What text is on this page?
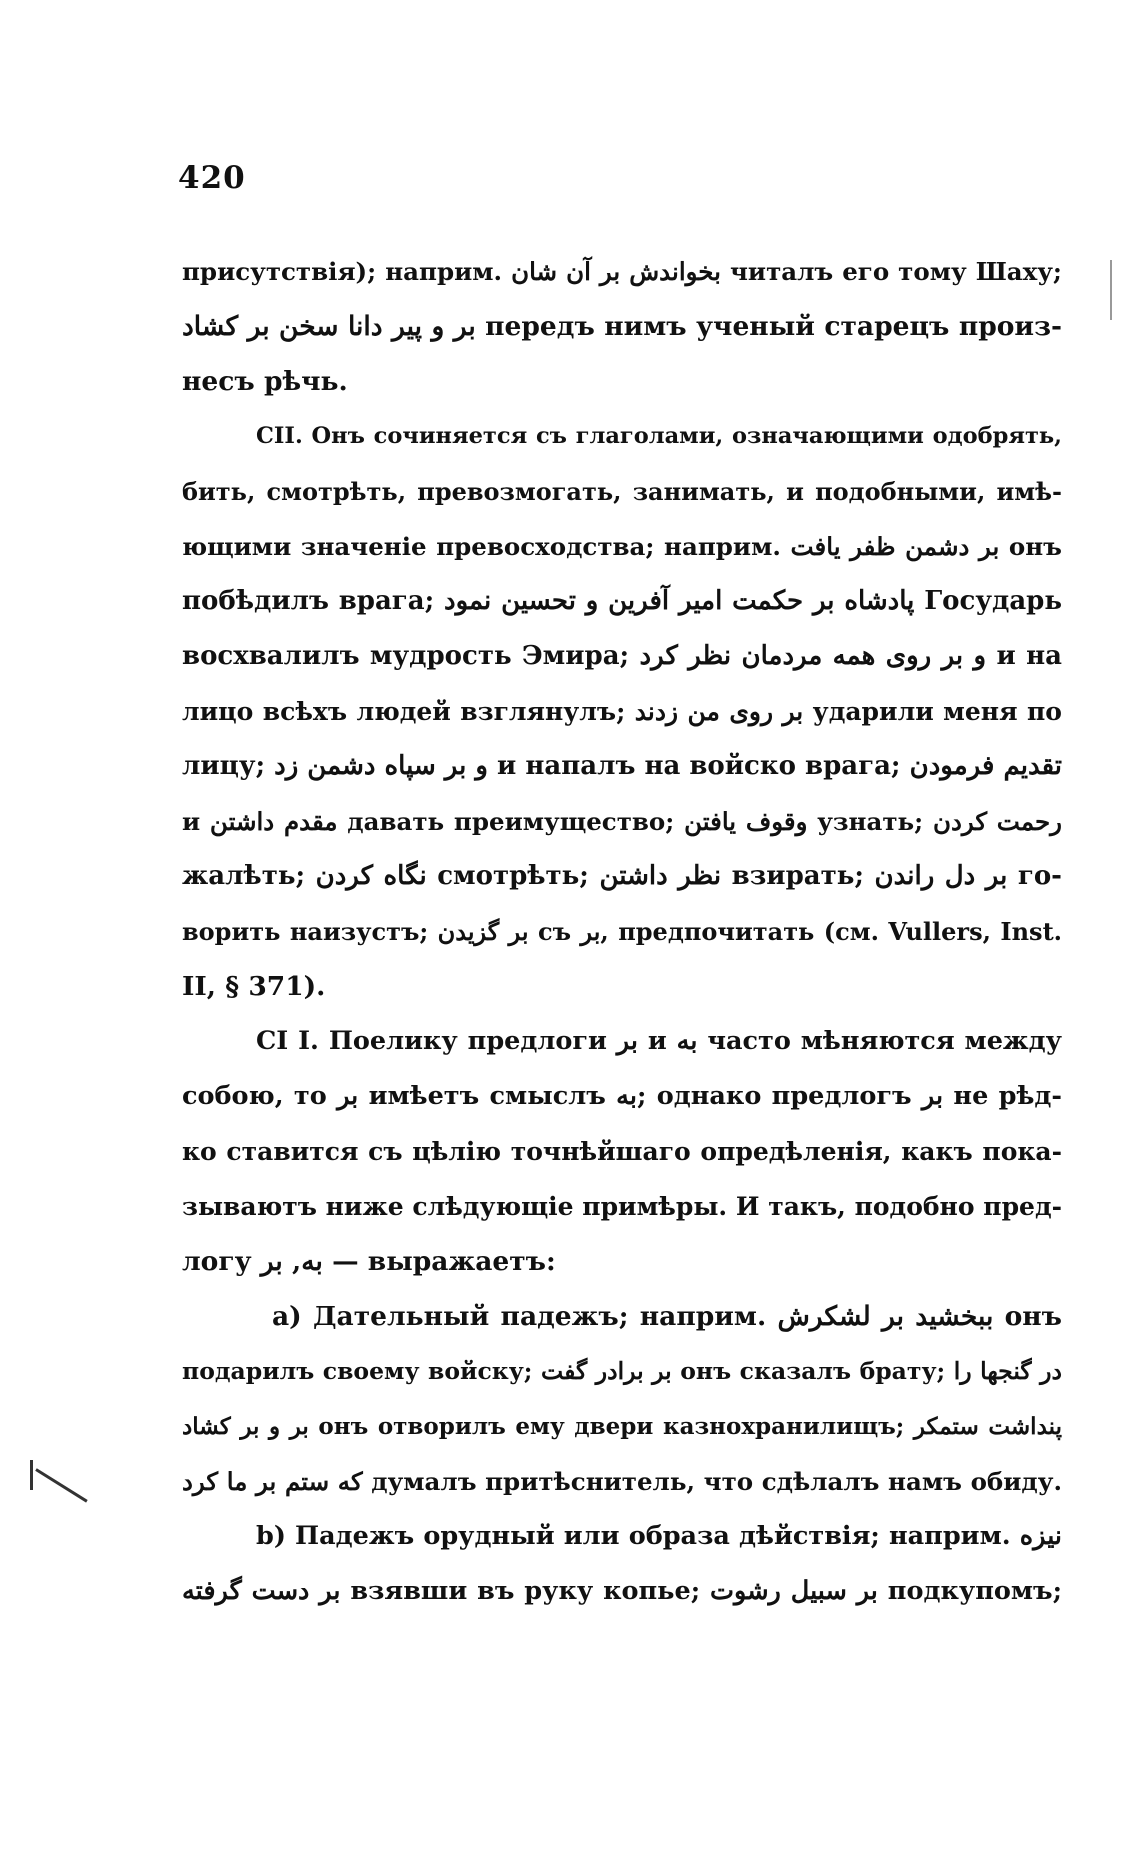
420
присутствія); наприм. بخواندش بر آن شان читалъ его тому Шаху;
بر و پیر دانا سخن بر کشاد передъ нимъ ученый старецъ произ-
несъ рѣчь.
CII. Онъ сочиняется съ глаголами, означающими одобрять,
бить, смотрѣть, превозмогать, занимать, и подобными, имѣ-
ющими значеніе превосходства; наприм. بر دشمن ظفر یافت онъ
побѣдилъ врага; پادشاه بر حکمت امیر آفرین و تحسین نمود Государь
восхвалилъ мудрость Эмира; و بر روی همه مردمان نظر کرد и на
лицо всѣхъ людей взглянулъ; بر روی من زدند ударили меня по
лицу; و بر سپاه دشمن زد и напалъ на войско врага; تقدیم فرمودن
и مقدم داشتن давать преимущество; وقوف یافتن узнать; رحمت کردن
жалѣть; نگاه کردن смотрѣть; نظر داشتن взирать; بر دل راندن го-
ворить наизустъ; بر گزیدن съ بر, предпочитать (см. Vullers, Inst.
II, § 371).
CI I. Поелику предлоги بر и به часто мѣняются между
собою, то بر имѣетъ смыслъ به; однако предлогъ بر не рѣд-
ко ставится съ цѣлію точнѣйшаго опредѣленія, какъ пока-
зываютъ ниже слѣдующіе примѣры. И такъ, подобно пред-
логу به, بر — выражаетъ:
a) Дательный падежъ; наприм. ببخشید بر لشکرش онъ
подарилъ своему войску; بر برادر گفت онъ сказалъ брату; در گنجها را
بر و بر کشاد онъ отворилъ ему двери казнохранилищъ; پنداشت ستمکر
که ستم بر ما کرد думалъ притѣснитель, что сдѣлалъ намъ обиду.
b) Падежъ орудный или образа дѣйствія; наприм. نیزه
بر دست گرفته взявши въ руку копье; بر سبیل رشوت подкупомъ;
